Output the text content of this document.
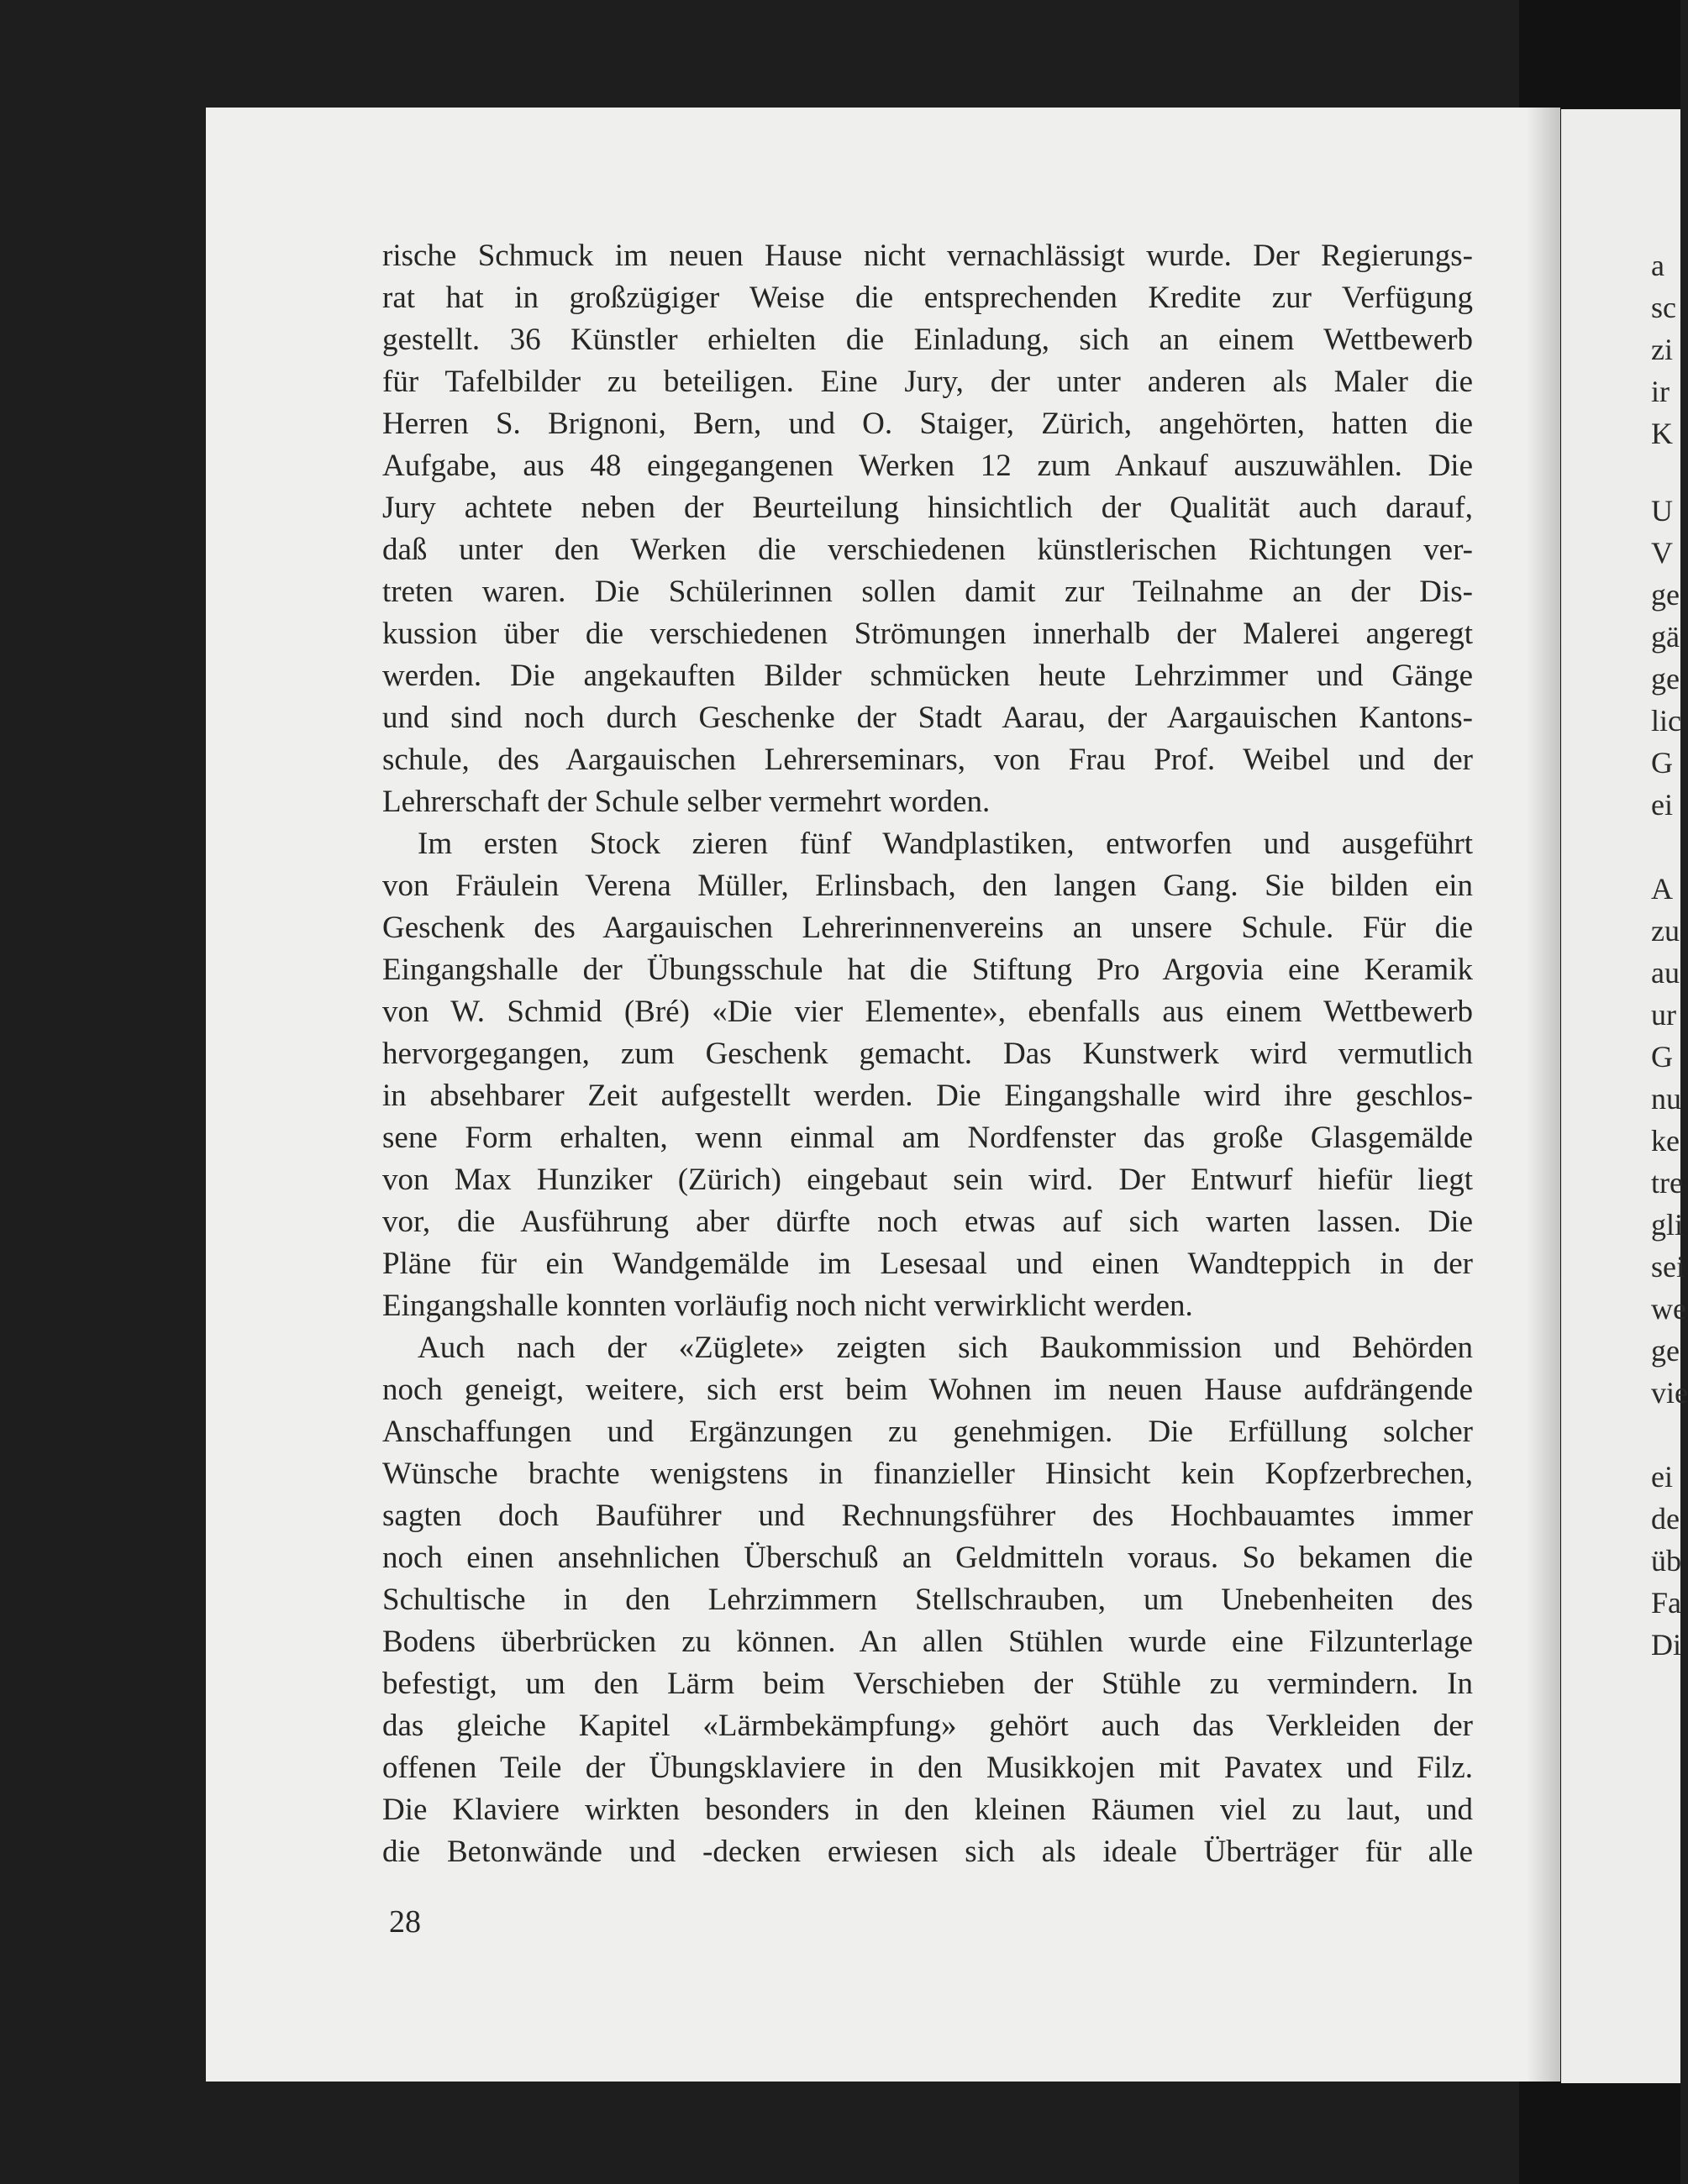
a
sc
zi
ir
K
U
V
ge
gä
ge
lic
G
ei
A
zu
au
ur
G
nu
ke
tre
gli
sei
we
ge
vie
ei
de
üb
Fa
Di
rische Schmuck im neuen Hause nicht vernachlässigt wurde. Der Regierungs-
rat hat in großzügiger Weise die entsprechenden Kredite zur Verfügung
gestellt. 36 Künstler erhielten die Einladung, sich an einem Wettbewerb
für Tafelbilder zu beteiligen. Eine Jury, der unter anderen als Maler die
Herren S. Brignoni, Bern, und O. Staiger, Zürich, angehörten, hatten die
Aufgabe, aus 48 eingegangenen Werken 12 zum Ankauf auszuwählen. Die
Jury achtete neben der Beurteilung hinsichtlich der Qualität auch darauf,
daß unter den Werken die verschiedenen künstlerischen Richtungen ver-
treten waren. Die Schülerinnen sollen damit zur Teilnahme an der Dis-
kussion über die verschiedenen Strömungen innerhalb der Malerei angeregt
werden. Die angekauften Bilder schmücken heute Lehrzimmer und Gänge
und sind noch durch Geschenke der Stadt Aarau, der Aargauischen Kantons-
schule, des Aargauischen Lehrerseminars, von Frau Prof. Weibel und der
Lehrerschaft der Schule selber vermehrt worden.
Im ersten Stock zieren fünf Wandplastiken, entworfen und ausgeführt
von Fräulein Verena Müller, Erlinsbach, den langen Gang. Sie bilden ein
Geschenk des Aargauischen Lehrerinnenvereins an unsere Schule. Für die
Eingangshalle der Übungsschule hat die Stiftung Pro Argovia eine Keramik
von W. Schmid (Bré) «Die vier Elemente», ebenfalls aus einem Wettbewerb
hervorgegangen, zum Geschenk gemacht. Das Kunstwerk wird vermutlich
in absehbarer Zeit aufgestellt werden. Die Eingangshalle wird ihre geschlos-
sene Form erhalten, wenn einmal am Nordfenster das große Glasgemälde
von Max Hunziker (Zürich) eingebaut sein wird. Der Entwurf hiefür liegt
vor, die Ausführung aber dürfte noch etwas auf sich warten lassen. Die
Pläne für ein Wandgemälde im Lesesaal und einen Wandteppich in der
Eingangshalle konnten vorläufig noch nicht verwirklicht werden.
Auch nach der «Züglete» zeigten sich Baukommission und Behörden
noch geneigt, weitere, sich erst beim Wohnen im neuen Hause aufdrängende
Anschaffungen und Ergänzungen zu genehmigen. Die Erfüllung solcher
Wünsche brachte wenigstens in finanzieller Hinsicht kein Kopfzerbrechen,
sagten doch Bauführer und Rechnungsführer des Hochbauamtes immer
noch einen ansehnlichen Überschuß an Geldmitteln voraus. So bekamen die
Schultische in den Lehrzimmern Stellschrauben, um Unebenheiten des
Bodens überbrücken zu können. An allen Stühlen wurde eine Filzunterlage
befestigt, um den Lärm beim Verschieben der Stühle zu vermindern. In
das gleiche Kapitel «Lärmbekämpfung» gehört auch das Verkleiden der
offenen Teile der Übungsklaviere in den Musikkojen mit Pavatex und Filz.
Die Klaviere wirkten besonders in den kleinen Räumen viel zu laut, und
die Betonwände und -decken erwiesen sich als ideale Überträger für alle
28
